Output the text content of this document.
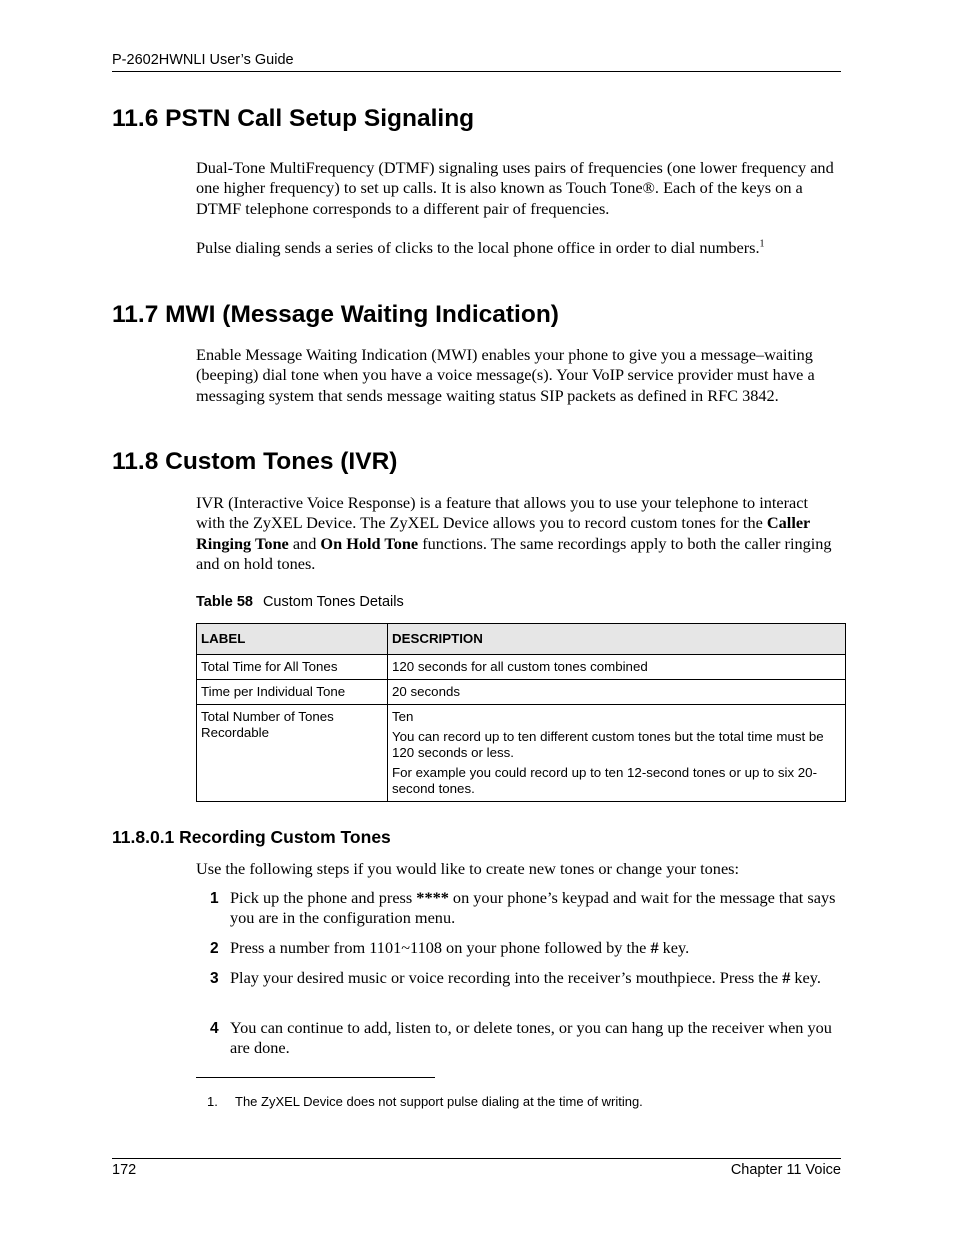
P-2602HWNLI User’s Guide
11.6 PSTN Call Setup Signaling

Dual-Tone MultiFrequency (DTMF) signaling uses pairs of frequencies (one lower frequency and one higher frequency) to set up calls. It is also known as Touch Tone®. Each of the keys on a DTMF telephone corresponds to a different pair of frequencies.

Pulse dialing sends a series of clicks to the local phone office in order to dial numbers.$^1$

11.7 MWI (Message Waiting Indication)

Enable Message Waiting Indication (MWI) enables your phone to give you a message–waiting (beeping) dial tone when you have a voice message(s). Your VoIP service provider must have a messaging system that sends message waiting status SIP packets as defined in RFC 3842.

11.8 Custom Tones (IVR)

IVR (Interactive Voice Response) is a feature that allows you to use your telephone to interact with the ZyXEL Device. The ZyXEL Device allows you to record custom tones for the Caller Ringing Tone and On Hold Tone functions. The same recordings apply to both the caller ringing and on hold tones.

Table 58 Custom Tones Details

LABEL	DESCRIPTION
Total Time for All Tones	120 seconds for all custom tones combined

Time per Individual Tone	20 seconds

Total Number of Tones Recordable	Ten
You can record up to ten different custom tones but the total time must be 120 seconds or less.
For example you could record up to ten 12-second tones or up to six 20-second tones.
11.8.0.1 Recording Custom Tones

Use the following steps if you would like to create new tones or change your tones:

1 Pick up the phone and press **** on your phone’s keypad and wait for the message that says you are in the configuration menu.
2 Press a number from 1101~1108 on your phone followed by the # key.
3 Play your desired music or voice recording into the receiver’s mouthpiece. Press the # key.
4 You can continue to add, listen to, or delete tones, or you can hang up the receiver when you are done.
1. The ZyXEL Device does not support pulse dialing at the time of writing.
172	Chapter 11 Voice
